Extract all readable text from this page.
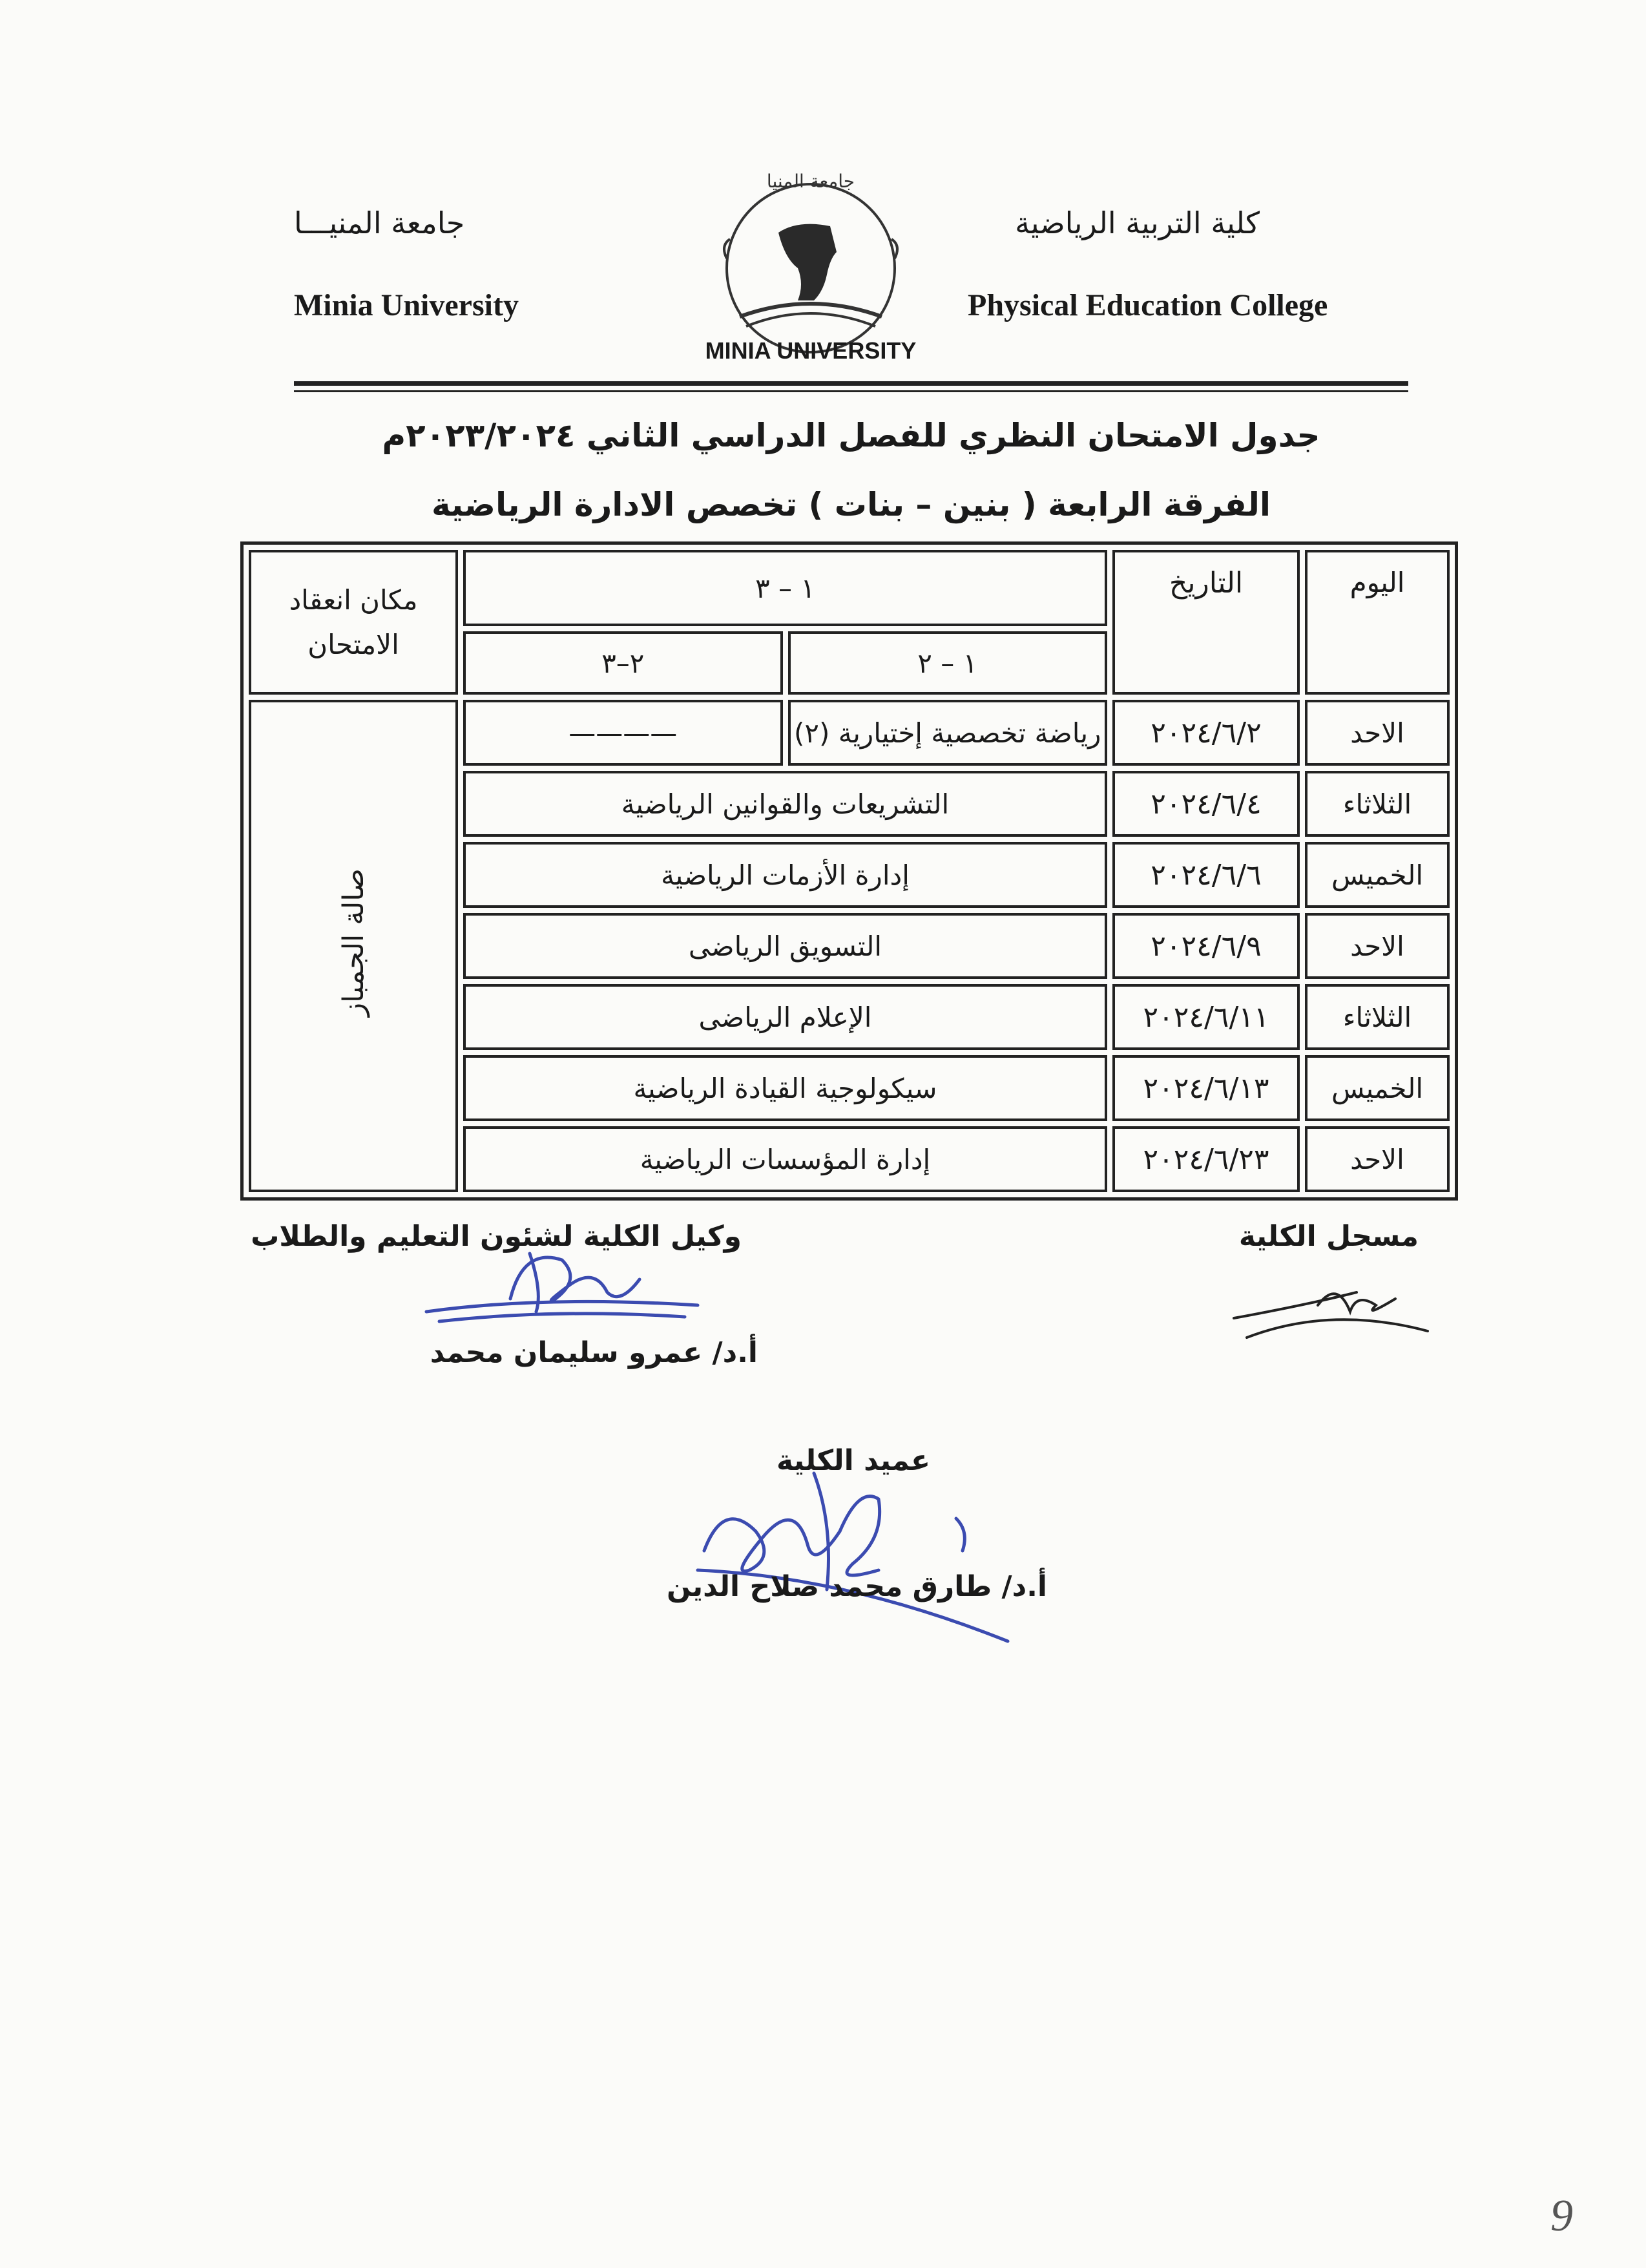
جامعة المنيـــا
Minia University
كلية التربية الرياضية
Physical Education College
جامعة المنيا
MINIA UNIVERSITY
جدول الامتحان النظري للفصل الدراسي الثاني ٢٠٢٣/٢٠٢٤م
الفرقة الرابعة ( بنين – بنات ) تخصص الادارة الرياضية
اليوم	التاريخ	١ – ٣		مكان انعقاد
الامتحان

		١ – ٢	٢–٣	
الاحد	٢٠٢٤/٦/٢	رياضة تخصصية إختيارية (٢)	————	صالة الجمباز
الثلاثاء	٢٠٢٤/٦/٤	التشريعات والقوانين الرياضية		
الخميس	٢٠٢٤/٦/٦	إدارة الأزمات الرياضية		
الاحد	٢٠٢٤/٦/٩	التسويق الرياضى		
الثلاثاء	٢٠٢٤/٦/١١	الإعلام الرياضى		
الخميس	٢٠٢٤/٦/١٣	سيكولوجية القيادة الرياضية		
الاحد	٢٠٢٤/٦/٢٣	إدارة المؤسسات الرياضية		
مسجل الكلية
وكيل الكلية لشئون التعليم والطلاب
أ.د/ عمرو سليمان محمد
عميد الكلية
أ.د/ طارق محمد صلاح الدين
9
